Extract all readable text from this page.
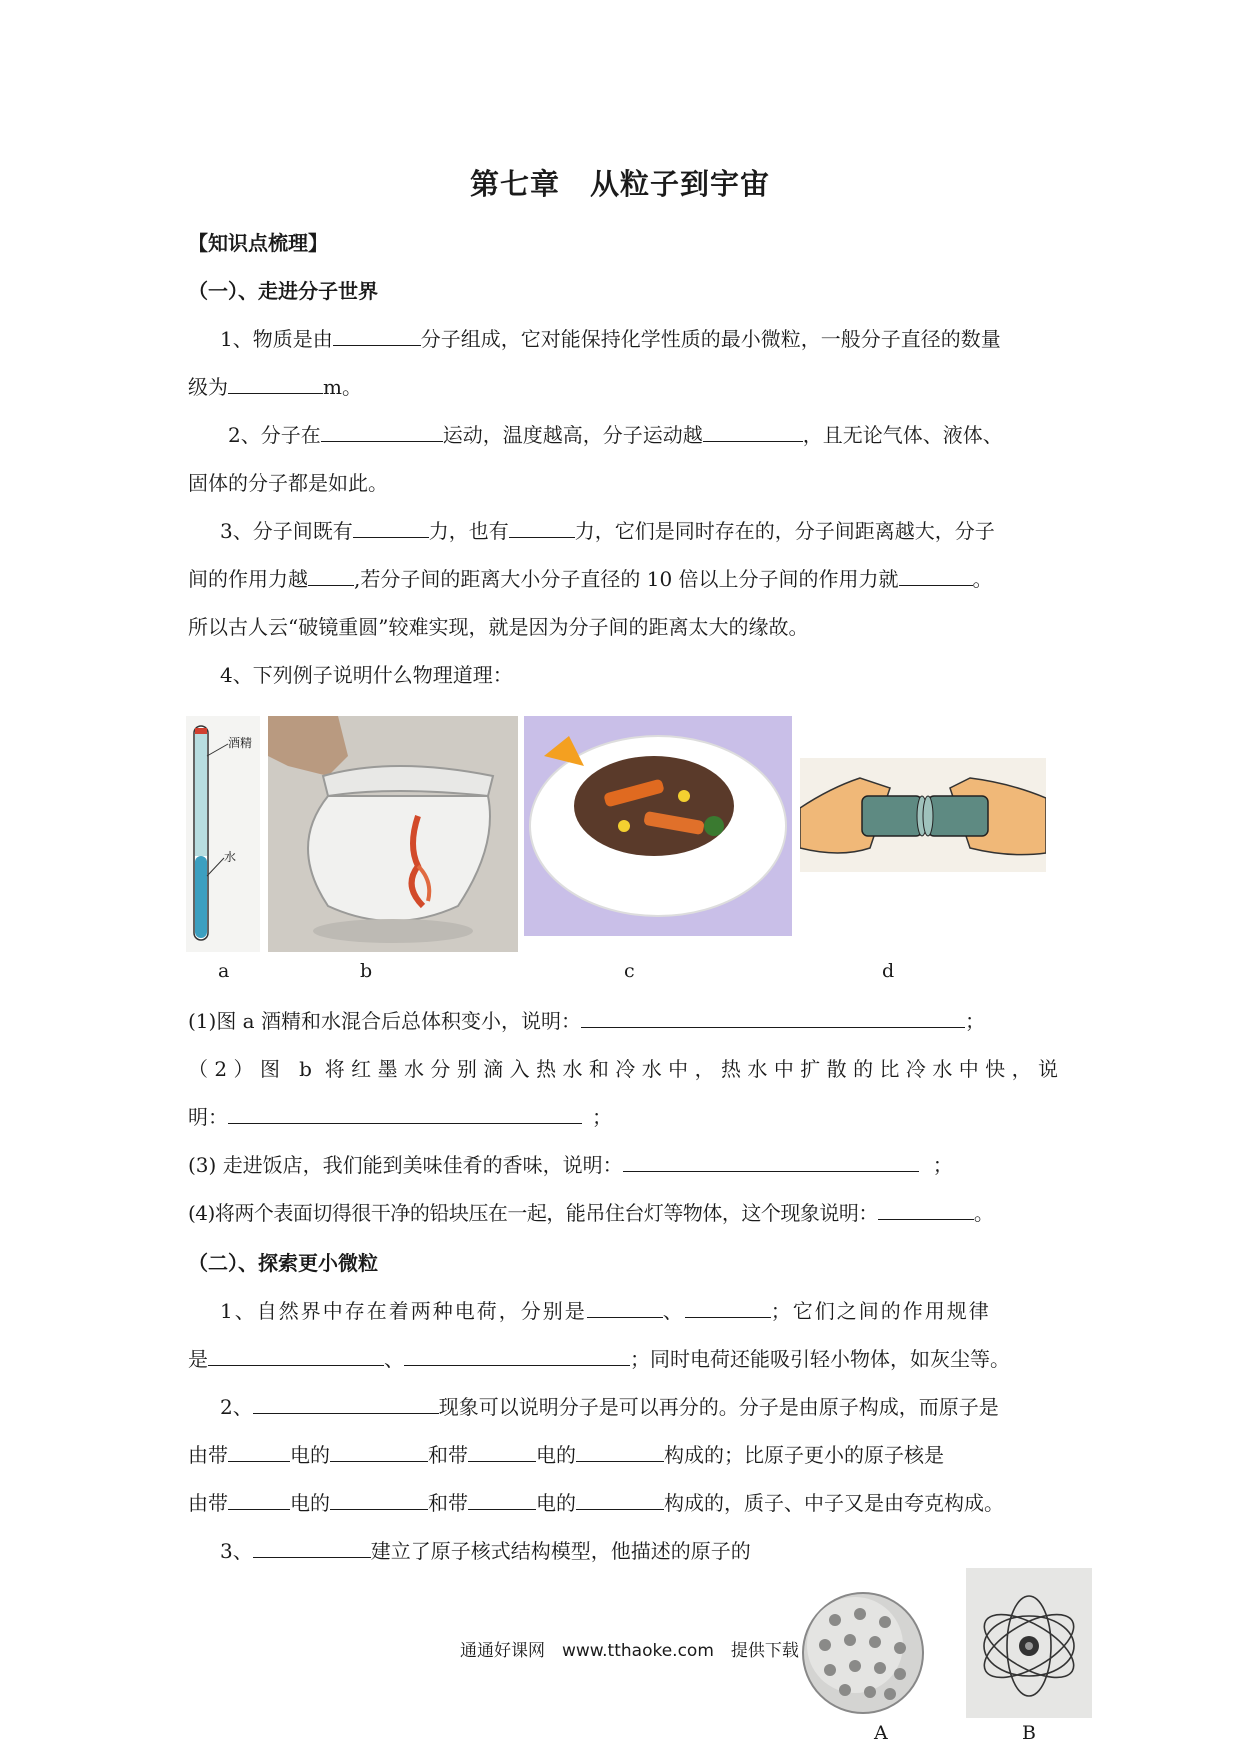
第七章　从粒子到宇宙
【知识点梳理】
（一）、走进分子世界
1、物质是由	分子组成，它对能保持化学性质的最小微粒，一般分子直径的数量
级为	m。
2、分子在	运动，温度越高，分子运动越	，且无论气体、液体、
固体的分子都是如此。
3、分子间既有	力，也有	力，它们是同时存在的，分子间距离越大，分子
间的作用力越 ,若分子间的距离大小分子直径的 10 倍以上分子间的作用力就	。
所以古人云“破镜重圆”较难实现，就是因为分子间的距离太大的缘故。
4、下列例子说明什么物理道理：
酒精
水
a	b	c	d
(1)图 a 酒精和水混合后总体积变小，说明：	；
（2）图 b 将红墨水分别滴入热水和冷水中，热水中扩散的比冷水中快，说
明：	；
(3) 走进饭店，我们能到美味佳肴的香味，说明：	；
(4)将两个表面切得很干净的铅块压在一起，能吊住台灯等物体，这个现象说明：	。
（二）、探索更小微粒
1、自然界中存在着两种电荷，分别是	、	；它们之间的作用规律
是	、	；同时电荷还能吸引轻小物体，如灰尘等。
2、	现象可以说明分子是可以再分的。分子是由原子构成，而原子是
由带	电的	和带	电的	构成的；比原子更小的原子核是
由带	电的	和带	电的	构成的，质子、中子又是由夸克构成。
3、	建立了原子核式结构模型，他描述的原子的
A	B
通通好课网　www.tthaoke.com　提供下载
